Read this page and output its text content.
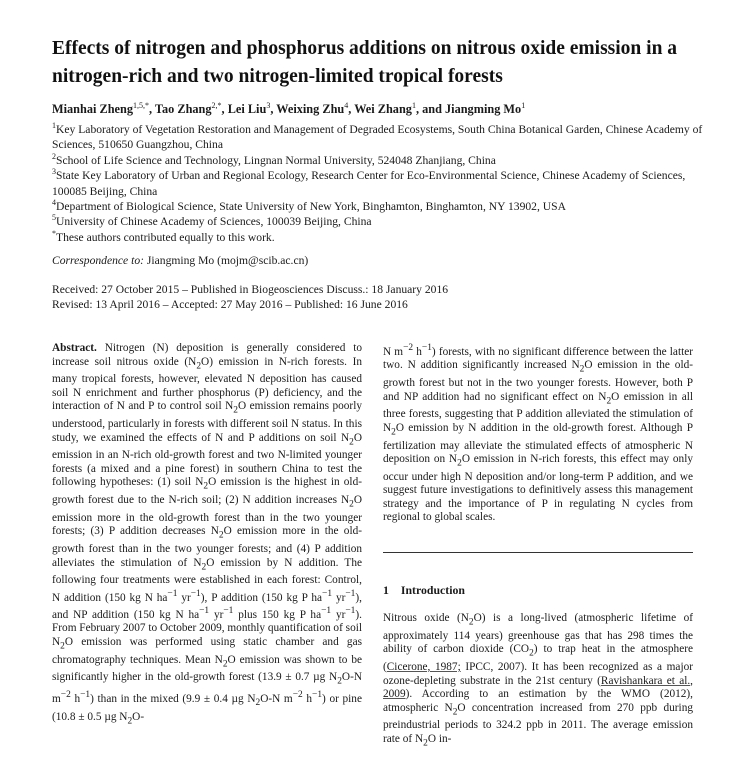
Effects of nitrogen and phosphorus additions on nitrous oxide emission in a nitrogen-rich and two nitrogen-limited tropical forests
Mianhai Zheng$^{1,5,*}$, Tao Zhang$^{2,*}$, Lei Liu$^3$, Weixing Zhu$^4$, Wei Zhang$^1$, and Jiangming Mo$^1$
$^1$Key Laboratory of Vegetation Restoration and Management of Degraded Ecosystems, South China Botanical Garden, Chinese Academy of Sciences, 510650 Guangzhou, China
$^2$School of Life Science and Technology, Lingnan Normal University, 524048 Zhanjiang, China
$^3$State Key Laboratory of Urban and Regional Ecology, Research Center for Eco-Environmental Science, Chinese Academy of Sciences, 100085 Beijing, China
$^4$Department of Biological Science, State University of New York, Binghamton, Binghamton, NY 13902, USA
$^5$University of Chinese Academy of Sciences, 100039 Beijing, China
*These authors contributed equally to this work.
Correspondence to: Jiangming Mo (mojm@scib.ac.cn)
Received: 27 October 2015 – Published in Biogeosciences Discuss.: 18 January 2016
Revised: 13 April 2016 – Accepted: 27 May 2016 – Published: 16 June 2016
Abstract. Nitrogen (N) deposition is generally considered to increase soil nitrous oxide $(N_2O)$ emission in N-rich forests. In many tropical forests, however, elevated N deposition has caused soil N enrichment and further phosphorus (P) deficiency, and the interaction of N and P to control soil $N_2O$ emission remains poorly understood, particularly in forests with different soil N status. In this study, we examined the effects of N and P additions on soil $N_2O$ emission in an N-rich old-growth forest and two N-limited younger forests (a mixed and a pine forest) in southern China to test the following hypotheses: (1) soil $N_2O$ emission is the highest in old-growth forest due to the N-rich soil; (2) N addition increases $N_2O$ emission more in the old-growth forest than in the two younger forests; (3) P addition decreases $N_2O$ emission more in the old-growth forest than in the two younger forests; and (4) P addition alleviates the stimulation of $N_2O$ emission by N addition. The following four treatments were established in each forest: Control, N addition (150 kg N $ha^{-1}$ $yr^{-1}$), P addition (150 kg P $ha^{-1}$ $yr^{-1}$), and NP addition (150 kg N $ha^{-1}$ $yr^{-1}$ plus 150 kg P $ha^{-1}$ $yr^{-1}$). From February 2007 to October 2009, monthly quantification of soil $N_2O$ emission was performed using static chamber and gas chromatography techniques. Mean $N_2O$ emission was shown to be significantly higher in the old-growth forest (13.9 ± 0.7 µg $N_2O-N$ $m^{-2}$ $h^{-1}$) than in the mixed (9.9 ± 0.4 µg $N_2O-N$ $m^{-2}$ $h^{-1}$) or pine (10.8 ± 0.5 µg $N_2O-$
N $m^{-2}$ $h^{-1}$) forests, with no significant difference between the latter two. N addition significantly increased $N_2O$ emission in the old-growth forest but not in the two younger forests. However, both P and NP addition had no significant effect on $N_2O$ emission in all three forests, suggesting that P addition alleviated the stimulation of $N_2O$ emission by N addition in the old-growth forest. Although P fertilization may alleviate the stimulated effects of atmospheric N deposition on $N_2O$ emission in N-rich forests, this effect may only occur under high N deposition and/or long-term P addition, and we suggest future investigations to definitively assess this management strategy and the importance of P in regulating N cycles from regional to global scales.
1 Introduction
Nitrous oxide $(N_2O)$ is a long-lived (atmospheric lifetime of approximately 114 years) greenhouse gas that has 298 times the ability of carbon dioxide $(CO_2)$ to trap heat in the atmosphere (Cicerone, 1987; IPCC, 2007). It has been recognized as a major ozone-depleting substrate in the 21st century (Ravishankara et al., 2009). According to an estimation by the WMO (2012), atmospheric $N_2O$ concentration increased from 270 ppb during preindustrial periods to 324.2 ppb in 2011. The average emission rate of $N_2O$ in-
